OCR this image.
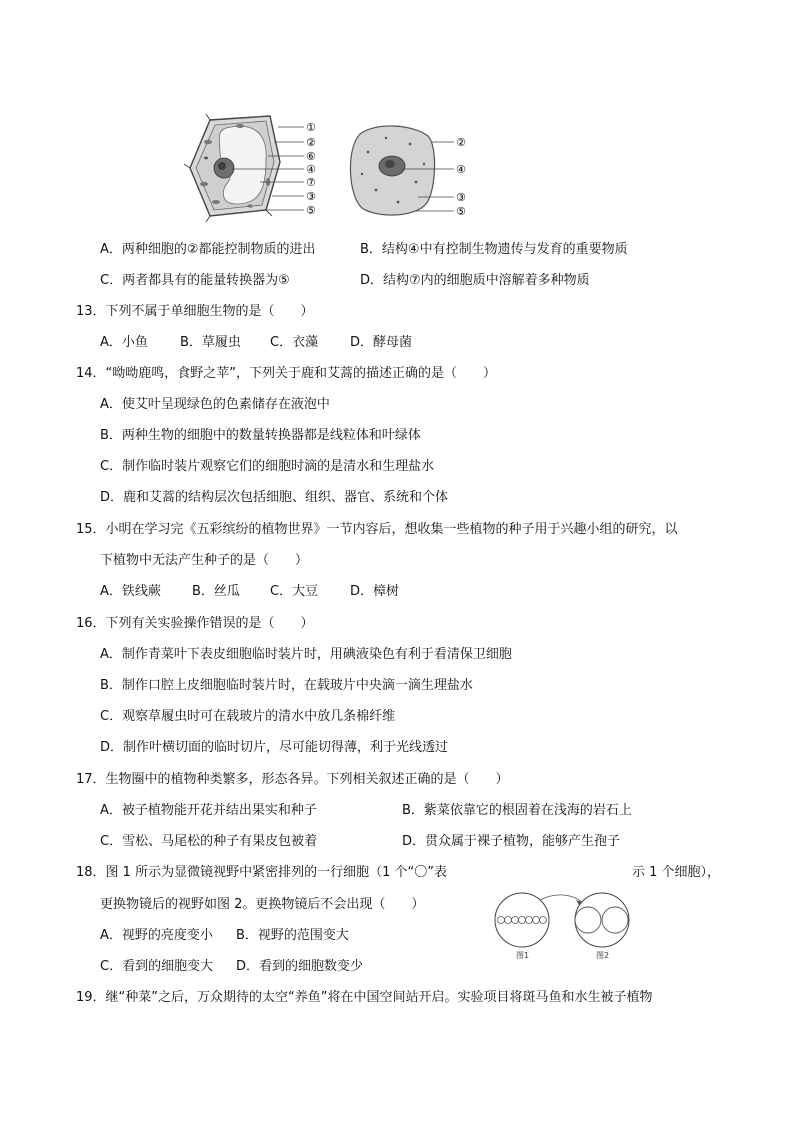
①
②
⑥
④
⑦
③
⑤
②
④
③
⑤
A．两种细胞的②都能控制物质的进出	B．结构④中有控制生物遗传与发育的重要物质
C．两者都具有的能量转换器为⑤	D．结构⑦内的细胞质中溶解着多种物质
13．下列不属于单细胞生物的是（　　）
A．小鱼 B．草履虫 C．衣藻 D．酵母菌
14．“呦呦鹿鸣，食野之苹”，下列关于鹿和艾蒿的描述正确的是（　　）
A．使艾叶呈现绿色的色素储存在液泡中
B．两种生物的细胞中的数量转换器都是线粒体和叶绿体
C．制作临时装片观察它们的细胞时滴的是清水和生理盐水
D．鹿和艾蒿的结构层次包括细胞、组织、器官、系统和个体
15．小明在学习完《五彩缤纷的植物世界》一节内容后，想收集一些植物的种子用于兴趣小组的研究，以
下植物中无法产生种子的是（　　）
A．铁线蕨 B．丝瓜 C．大豆 D．樟树
16．下列有关实验操作错误的是（　　）
A．制作青菜叶下表皮细胞临时装片时，用碘液染色有利于看清保卫细胞
B．制作口腔上皮细胞临时装片时，在载玻片中央滴一滴生理盐水
C．观察草履虫时可在载玻片的清水中放几条棉纤维
D．制作叶横切面的临时切片，尽可能切得薄，利于光线透过
17．生物圈中的植物种类繁多，形态各异。下列相关叙述正确的是（　　）
A．被子植物能开花并结出果实和种子	B．紫菜依靠它的根固着在浅海的岩石上
C．雪松、马尾松的种子有果皮包被着	D．贯众属于裸子植物，能够产生孢子
18．图 1 所示为显微镜视野中紧密排列的一行细胞（1 个“〇”表	示 1 个细胞），
更换物镜后的视野如图 2。更换物镜后不会出现（　　）
A．视野的亮度变小 B．视野的范围变大
C．看到的细胞变大 D．看到的细胞数变少
图1	图2
19．继“种菜”之后，万众期待的太空“养鱼”将在中国空间站开启。实验项目将斑马鱼和水生被子植物
